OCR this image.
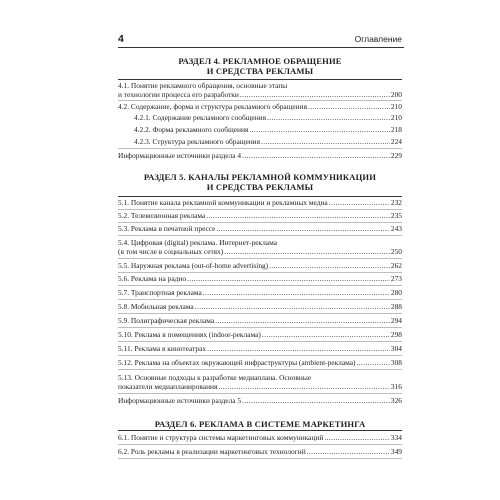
4	Оглавление
РАЗДЕЛ 4. РЕКЛАМНОЕ ОБРАЩЕНИЕ
И СРЕДСТВА РЕКЛАМЫ
4.1. Понятие рекламного обращения, основные этапы
и технологии процесса его разработки .....	200
4.2. Содержание, форма и структура рекламного обращения .....	210
4.2.1. Содержание рекламного сообщения .....	210
4.2.2. Форма рекламного сообщения .....	218
4.2.3. Структура рекламного обращения .....	224
Информационные источники раздела 4 .....	229
РАЗДЕЛ 5. КАНАЛЫ РЕКЛАМНОЙ КОММУНИКАЦИИ
И СРЕДСТВА РЕКЛАМЫ
5.1. Понятие канала рекламной коммуникации и рекламных медиа .....	232
5.2. Телевизионная реклама .....	235
5.3. Реклама в печатной прессе .....	243
5.4. Цифровая (digital) реклама. Интернет-реклама
(в том числе в социальных сетях) .....	250
5.5. Наружная реклама (out-of-home advertising) .....	262
5.6. Реклама на радио .....	273
5.7. Транспортная реклама .....	280
5.8. Мобильная реклама .....	288
5.9. Полиграфическая реклама .....	294
5.10. Реклама в помещениях (indoor-реклама) .....	298
5.11. Реклама в кинотеатрах .....	304
5.12. Реклама на объектах окружающей инфраструктуры (ambient-реклама) .....	308
5.13. Основные подходы к разработке медиаплана. Основные
показатели медиапланирования .....	316
Информационные источники раздела 5 .....	326
РАЗДЕЛ 6. РЕКЛАМА В СИСТЕМЕ МАРКЕТИНГА
6.1. Понятие и структура системы маркетинговых коммуникаций .....	334
6.2. Роль рекламы в реализации маркетинговых технологий .....	349
